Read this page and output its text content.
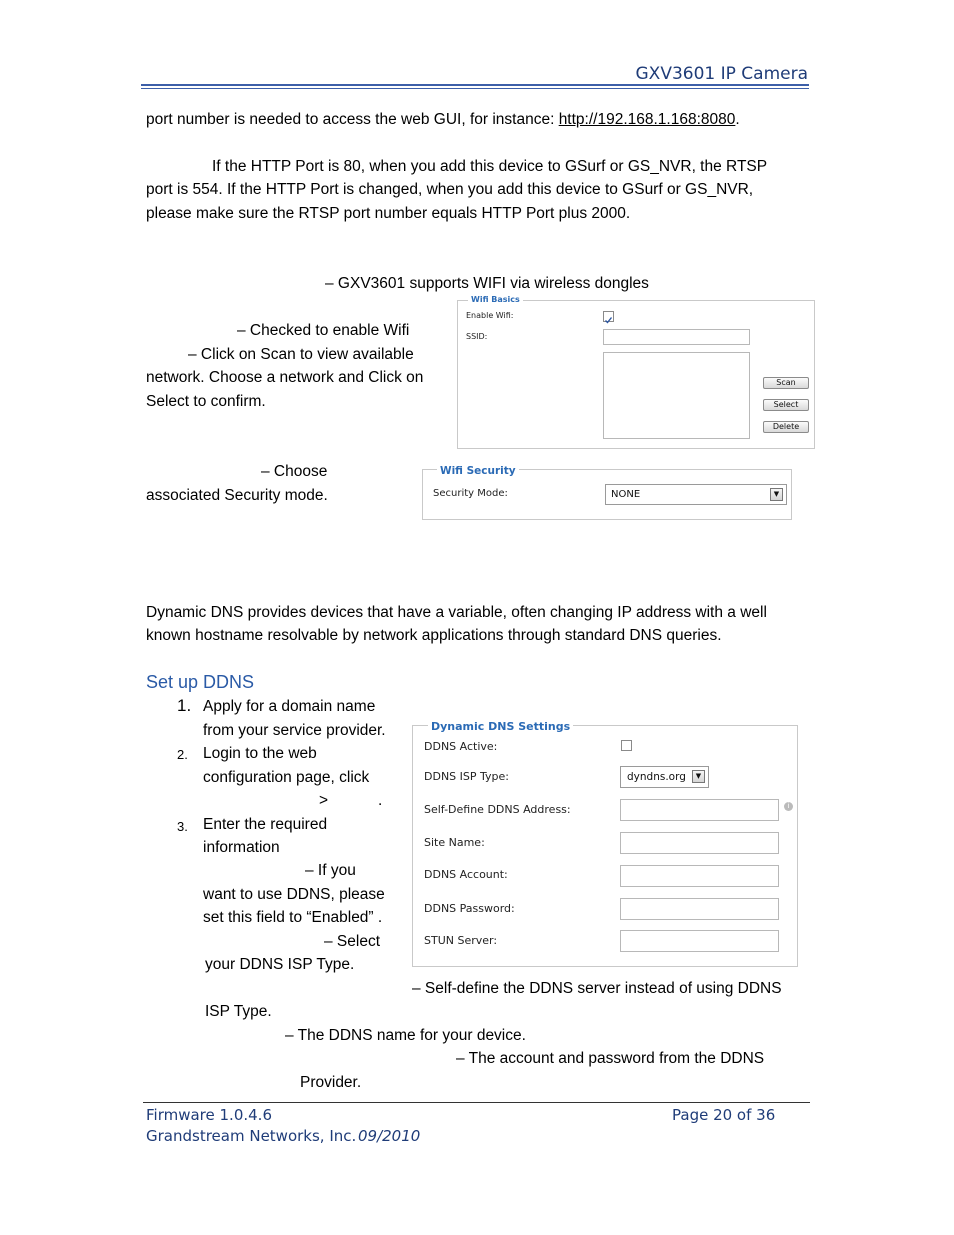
GXV3601 IP Camera
port number is needed to access the web GUI, for instance: http://192.168.1.168:8080.
If the HTTP Port is 80, when you add this device to GSurf or GS_NVR, the RTSP
port is 554. If the HTTP Port is changed, when you add this device to GSurf or GS_NVR,
please make sure the RTSP port number equals HTTP Port plus 2000.
– GXV3601 supports WIFI via wireless dongles
– Checked to enable Wifi
– Click on Scan to view available
network. Choose a network and Click on
Select to confirm.
Wifi Basics
Enable Wifi:
SSID:
Scan
Select
Delete
– Choose
associated Security mode.
Wifi Security
Security Mode:	NONE	▼
Dynamic DNS provides devices that have a variable, often changing IP address with a well
known hostname resolvable by network applications through standard DNS queries.
Set up DDNS
1. Apply for a domain name
from your service provider.
2. Login to the web
configuration page, click
>	.
3. Enter the required
information
– If you
want to use DDNS, please
set this field to “Enabled” .
– Select
your DDNS ISP Type.
Dynamic DNS Settings
DDNS Active:
DDNS ISP Type:	dyndns.org	▼
Self-Define DDNS Address:	i
Site Name:
DDNS Account:
DDNS Password:
STUN Server:
– Self-define the DDNS server instead of using DDNS
ISP Type.
– The DDNS name for your device.
– The account and password from the DDNS
Provider.
Firmware 1.0.4.6	Page 20 of 36
Grandstream Networks, Inc. 09/2010
